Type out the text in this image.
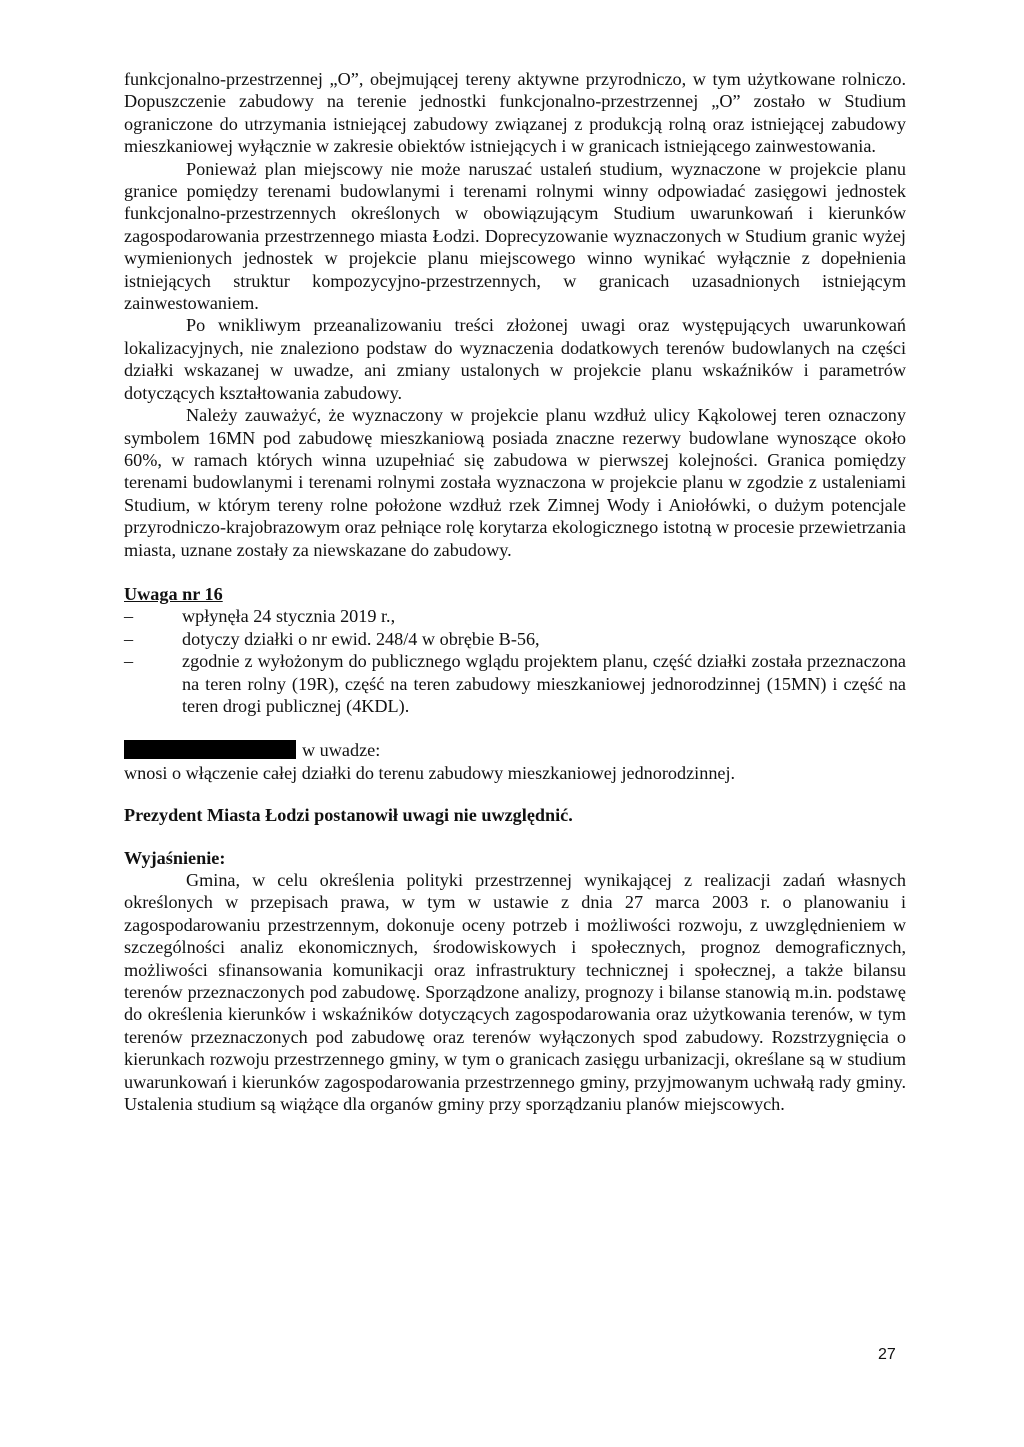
funkcjonalno-przestrzennej „O”, obejmującej tereny aktywne przyrodniczo, w tym użytkowane rolniczo. Dopuszczenie zabudowy na terenie jednostki funkcjonalno-przestrzennej „O” zostało w Studium ograniczone do utrzymania istniejącej zabudowy związanej z produkcją rolną oraz istniejącej zabudowy mieszkaniowej wyłącznie w zakresie obiektów istniejących i w granicach istniejącego zainwestowania.

Ponieważ plan miejscowy nie może naruszać ustaleń studium, wyznaczone w projekcie planu granice pomiędzy terenami budowlanymi i terenami rolnymi winny odpowiadać zasięgowi jednostek funkcjonalno-przestrzennych określonych w obowiązującym Studium uwarunkowań i kierunków zagospodarowania przestrzennego miasta Łodzi. Doprecyzowanie wyznaczonych w Studium granic wyżej wymienionych jednostek w projekcie planu miejscowego winno wynikać wyłącznie z dopełnienia istniejących struktur kompozycyjno-przestrzennych, w granicach uzasadnionych istniejącym zainwestowaniem.

Po wnikliwym przeanalizowaniu treści złożonej uwagi oraz występujących uwarunkowań lokalizacyjnych, nie znaleziono podstaw do wyznaczenia dodatkowych terenów budowlanych na części działki wskazanej w uwadze, ani zmiany ustalonych w projekcie planu wskaźników i parametrów dotyczących kształtowania zabudowy.

Należy zauważyć, że wyznaczony w projekcie planu wzdłuż ulicy Kąkolowej teren oznaczony symbolem 16MN pod zabudowę mieszkaniową posiada znaczne rezerwy budowlane wynoszące około 60%, w ramach których winna uzupełniać się zabudowa w pierwszej kolejności. Granica pomiędzy terenami budowlanymi i terenami rolnymi została wyznaczona w projekcie planu w zgodzie z ustaleniami Studium, w którym tereny rolne położone wzdłuż rzek Zimnej Wody i Aniołówki, o dużym potencjale przyrodniczo-krajobrazowym oraz pełniące rolę korytarza ekologicznego istotną w procesie przewietrzania miasta, uznane zostały za niewskazane do zabudowy.

Uwaga nr 16

–	wpłynęła 24 stycznia 2019 r.,
–	dotyczy działki o nr ewid. 248/4 w obrębie B-56,
–	zgodnie z wyłożonym do publicznego wglądu projektem planu, część działki została przeznaczona na teren rolny (19R), część na teren zabudowy mieszkaniowej jednorodzinnej (15MN) i część na teren drogi publicznej (4KDL).

w uwadze:

wnosi o włączenie całej działki do terenu zabudowy mieszkaniowej jednorodzinnej.

Prezydent Miasta Łodzi postanowił uwagi nie uwzględnić.

Wyjaśnienie:

Gmina, w celu określenia polityki przestrzennej wynikającej z realizacji zadań własnych określonych w przepisach prawa, w tym w ustawie z dnia 27 marca 2003 r. o planowaniu i zagospodarowaniu przestrzennym, dokonuje oceny potrzeb i możliwości rozwoju, z uwzględnieniem w szczególności analiz ekonomicznych, środowiskowych i społecznych, prognoz demograficznych, możliwości sfinansowania komunikacji oraz infrastruktury technicznej i społecznej, a także bilansu terenów przeznaczonych pod zabudowę. Sporządzone analizy, prognozy i bilanse stanowią m.in. podstawę do określenia kierunków i wskaźników dotyczących zagospodarowania oraz użytkowania terenów, w tym terenów przeznaczonych pod zabudowę oraz terenów wyłączonych spod zabudowy. Rozstrzygnięcia o kierunkach rozwoju przestrzennego gminy, w tym o granicach zasięgu urbanizacji, określane są w studium uwarunkowań i kierunków zagospodarowania przestrzennego gminy, przyjmowanym uchwałą rady gminy. Ustalenia studium są wiążące dla organów gminy przy sporządzaniu planów miejscowych.

27
